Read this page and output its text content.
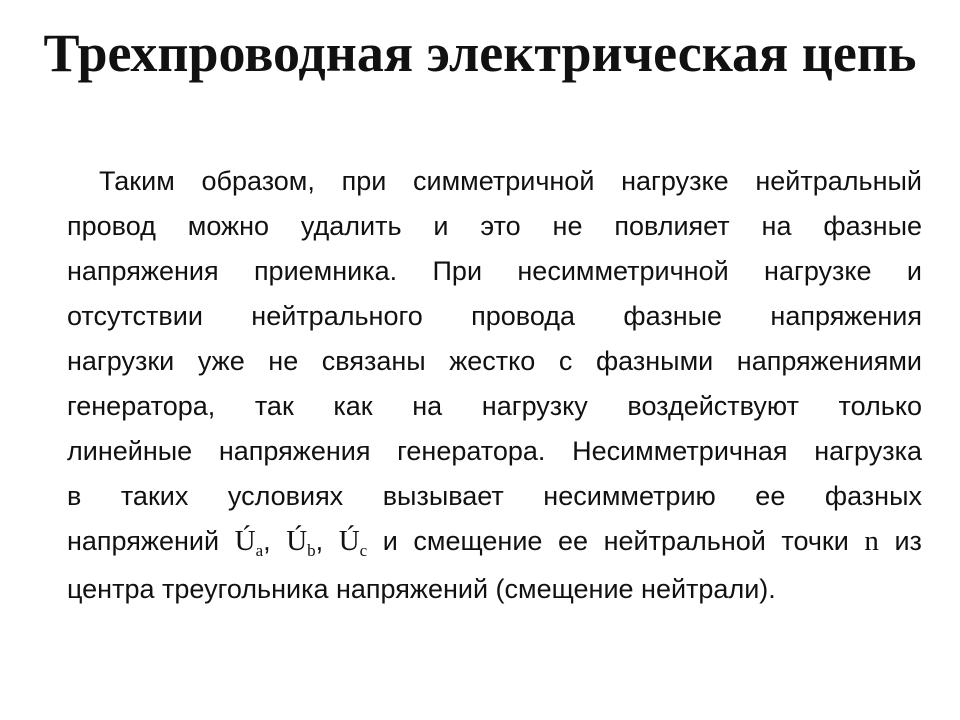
Трехпроводная электрическая цепь
Таким образом, при симметричной нагрузке нейтральный
провод можно удалить и это не повлияет на фазные
напряжения приемника. При несимметричной нагрузке и
отсутствии нейтрального провода фазные напряжения
нагрузки уже не связаны жестко с фазными напряжениями
генератора, так как на нагрузку воздействуют только
линейные напряжения генератора. Несимметричная нагрузка
в таких условиях вызывает несимметрию ее фазных
напряжений $Ú_a$, $Ú_b$, $Ú_c$ и смещение ее нейтральной точки n из
центра треугольника напряжений (смещение нейтрали).
